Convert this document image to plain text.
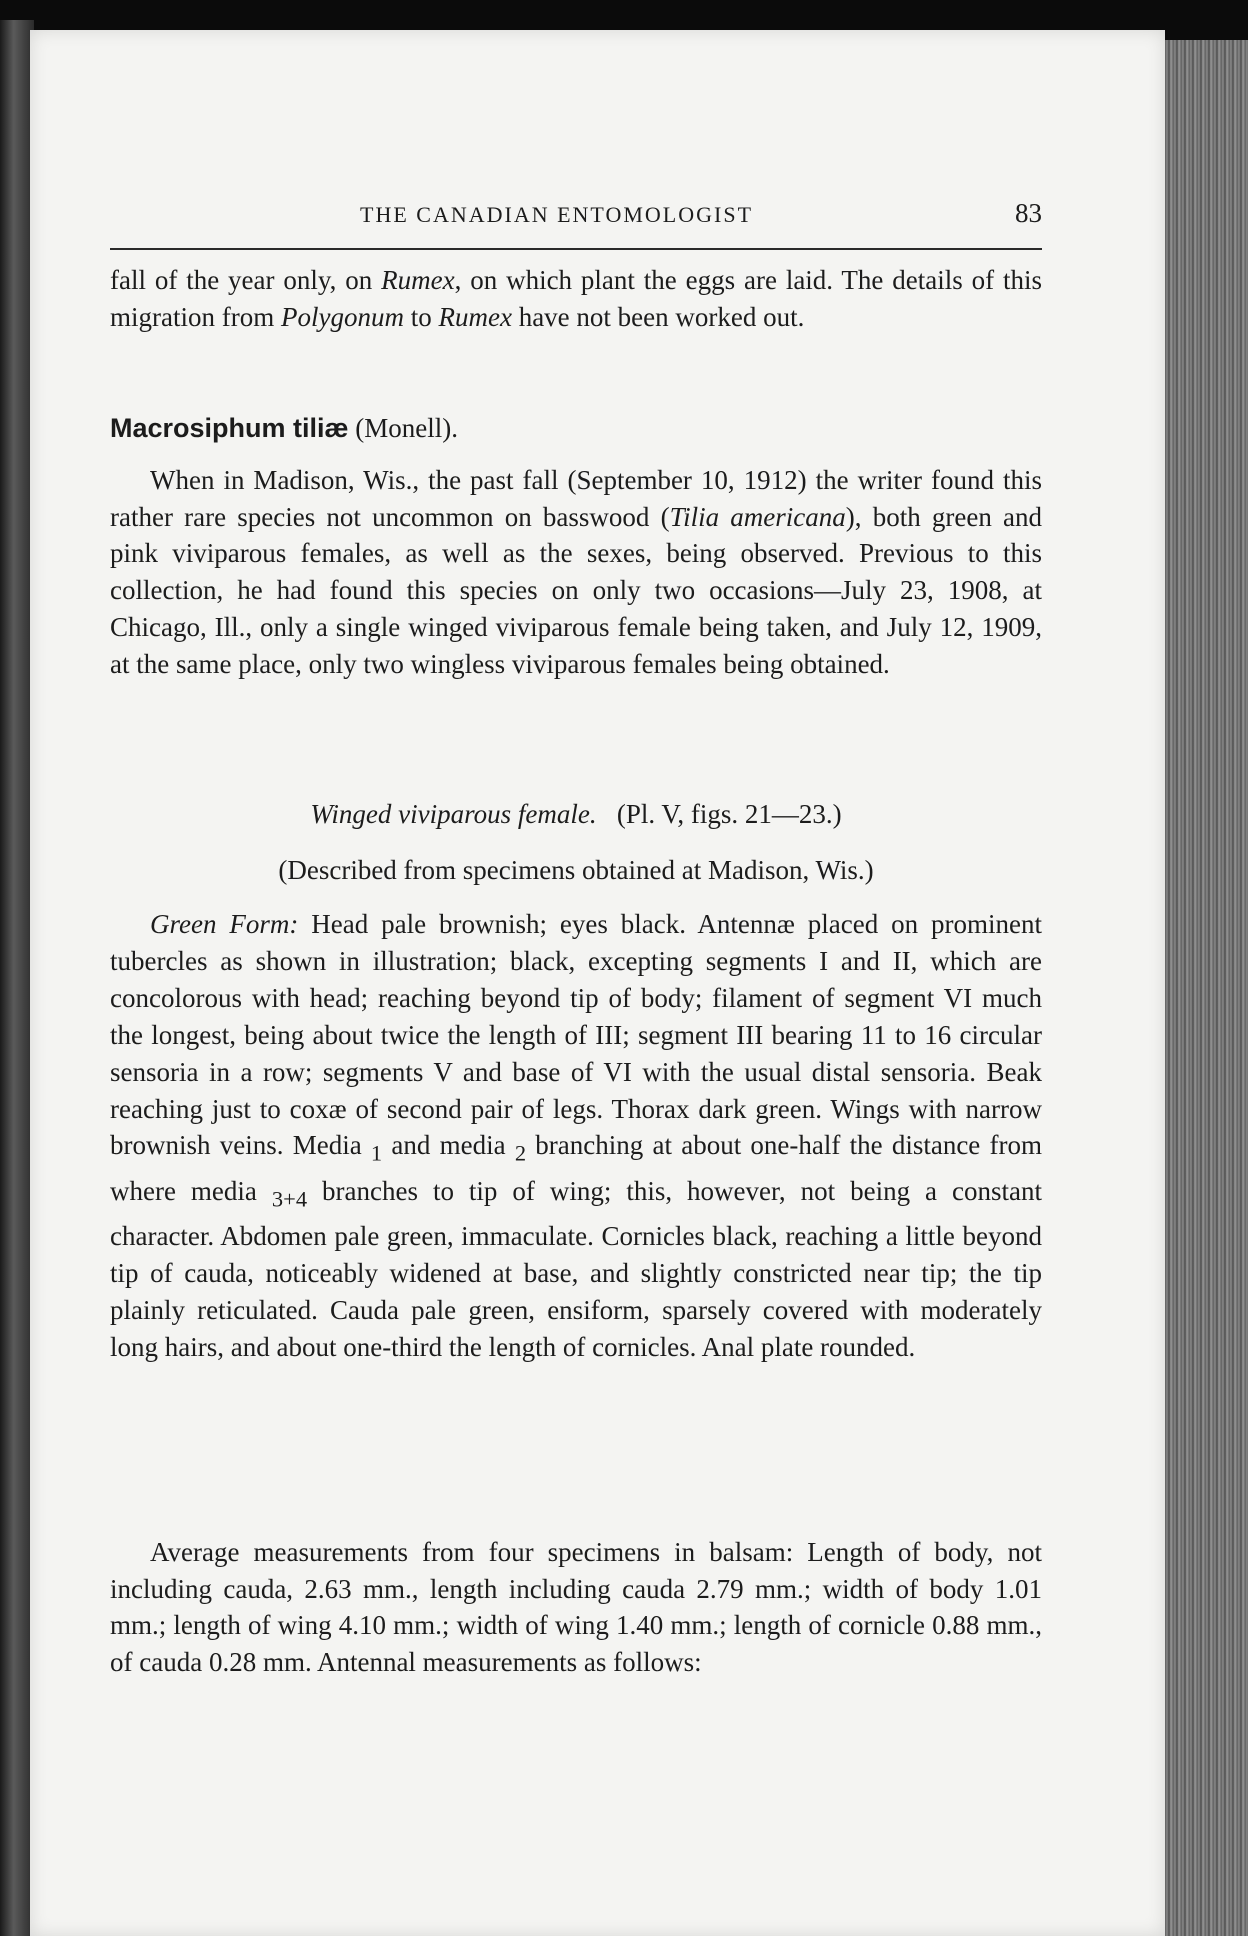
THE CANADIAN ENTOMOLOGIST	83

fall of the year only, on Rumex, on which plant the eggs are laid. The details of this migration from Polygonum to Rumex have not been worked out.

Macrosiphum tiliæ (Monell).

When in Madison, Wis., the past fall (September 10, 1912) the writer found this rather rare species not uncommon on basswood (Tilia americana), both green and pink viviparous females, as well as the sexes, being observed. Previous to this collection, he had found this species on only two occasions—July 23, 1908, at Chicago, Ill., only a single winged viviparous female being taken, and July 12, 1909, at the same place, only two wingless viviparous females being obtained.

Winged viviparous female. (Pl. V, figs. 21—23.)

(Described from specimens obtained at Madison, Wis.)

Green Form: Head pale brownish; eyes black. Antennæ placed on prominent tubercles as shown in illustration; black, excepting segments I and II, which are concolorous with head; reaching beyond tip of body; filament of segment VI much the longest, being about twice the length of III; segment III bearing 11 to 16 circular sensoria in a row; segments V and base of VI with the usual distal sensoria. Beak reaching just to coxæ of second pair of legs. Thorax dark green. Wings with narrow brownish veins. Media $_1$ and media $_2$ branching at about one-half the distance from where media $_{3+4}$ branches to tip of wing; this, however, not being a constant character. Abdomen pale green, immaculate. Cornicles black, reaching a little beyond tip of cauda, noticeably widened at base, and slightly constricted near tip; the tip plainly reticulated. Cauda pale green, ensiform, sparsely covered with moderately long hairs, and about one-third the length of cornicles. Anal plate rounded.

Average measurements from four specimens in balsam: Length of body, not including cauda, 2.63 mm., length including cauda 2.79 mm.; width of body 1.01 mm.; length of wing 4.10 mm.; width of wing 1.40 mm.; length of cornicle 0.88 mm., of cauda 0.28 mm. Antennal measurements as follows:
